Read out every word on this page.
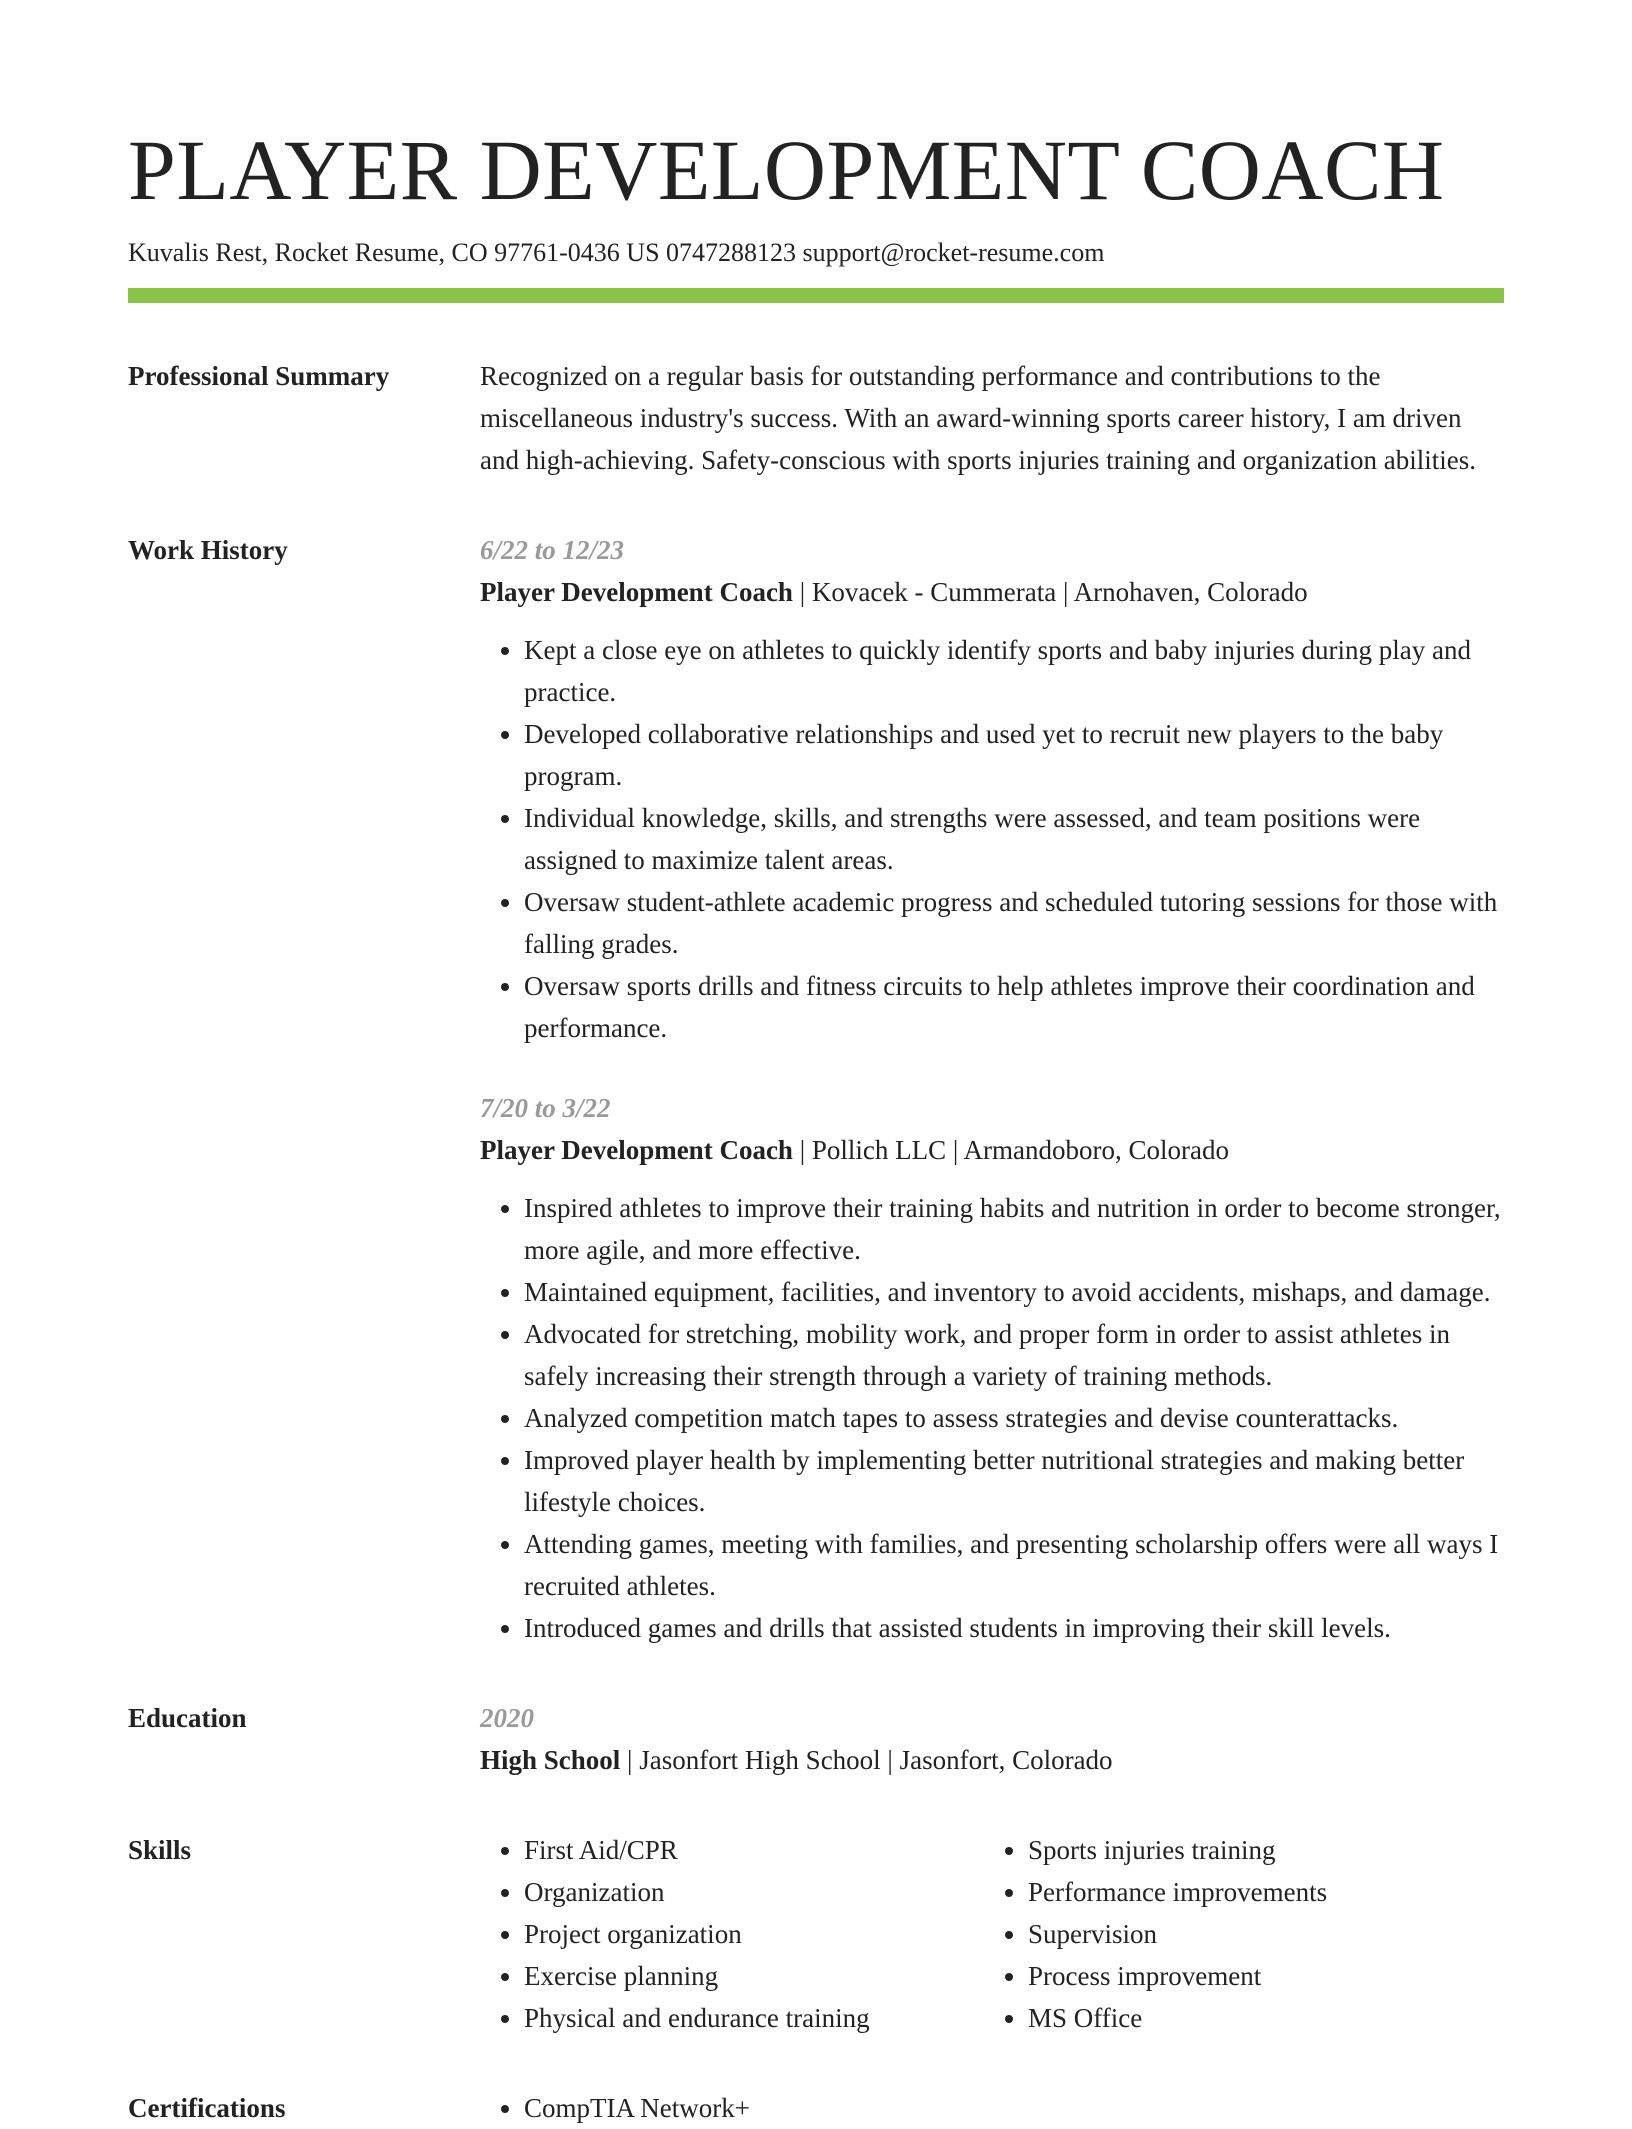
PLAYER DEVELOPMENT COACH
Kuvalis Rest, Rocket Resume, CO 97761-0436 US 0747288123 support@rocket-resume.com
Professional Summary	Recognized on a regular basis for outstanding performance and contributions to the miscellaneous industry's success. With an award-winning sports career history, I am driven and high-achieving. Safety-conscious with sports injuries training and organization abilities.

Work History	6/22 to 12/23
Player Development Coach | Kovacek - Cummerata | Arnohaven, Colorado
• Kept a close eye on athletes to quickly identify sports and baby injuries during play and practice.
• Developed collaborative relationships and used yet to recruit new players to the baby program.
• Individual knowledge, skills, and strengths were assessed, and team positions were assigned to maximize talent areas.
• Oversaw student-athlete academic progress and scheduled tutoring sessions for those with falling grades.
• Oversaw sports drills and fitness circuits to help athletes improve their coordination and performance.
7/20 to 3/22
Player Development Coach | Pollich LLC | Armandoboro, Colorado
• Inspired athletes to improve their training habits and nutrition in order to become stronger, more agile, and more effective.
• Maintained equipment, facilities, and inventory to avoid accidents, mishaps, and damage.
• Advocated for stretching, mobility work, and proper form in order to assist athletes in safely increasing their strength through a variety of training methods.
• Analyzed competition match tapes to assess strategies and devise counterattacks.
• Improved player health by implementing better nutritional strategies and making better lifestyle choices.
• Attending games, meeting with families, and presenting scholarship offers were all ways I recruited athletes.
• Introduced games and drills that assisted students in improving their skill levels.
Education	2020
High School | Jasonfort High School | Jasonfort, Colorado
Skills	• First Aid/CPR
• Organization
• Project organization
• Exercise planning
• Physical and endurance training
• Sports injuries training
• Performance improvements
• Supervision
• Process improvement
• MS Office
Certifications	• CompTIA Network+
